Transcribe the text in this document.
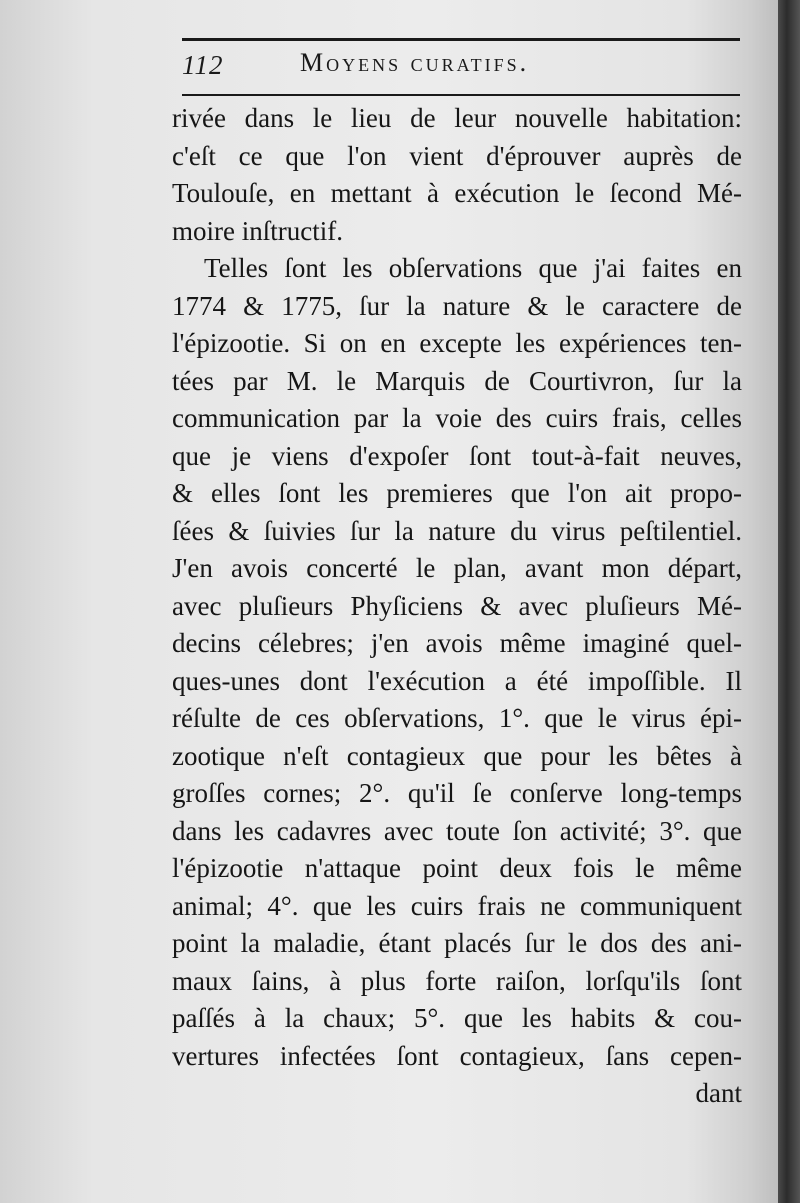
112	Moyens curatifs.
rivée dans le lieu de leur nouvelle habitation:
c'eſt ce que l'on vient d'éprouver auprès de
Toulouſe, en mettant à exécution le ſecond Mé-
moire inſtructif.
Telles ſont les obſervations que j'ai faites en
1774 & 1775, ſur la nature & le caractere de
l'épizootie. Si on en excepte les expériences ten-
tées par M. le Marquis de Courtivron, ſur la
communication par la voie des cuirs frais, celles
que je viens d'expoſer ſont tout-à-fait neuves,
& elles ſont les premieres que l'on ait propo-
ſées & ſuivies ſur la nature du virus peſtilentiel.
J'en avois concerté le plan, avant mon départ,
avec pluſieurs Phyſiciens & avec pluſieurs Mé-
decins célebres; j'en avois même imaginé quel-
ques-unes dont l'exécution a été impoſſible. Il
réſulte de ces obſervations, 1°. que le virus épi-
zootique n'eſt contagieux que pour les bêtes à
groſſes cornes; 2°. qu'il ſe conſerve long-temps
dans les cadavres avec toute ſon activité; 3°. que
l'épizootie n'attaque point deux fois le même
animal; 4°. que les cuirs frais ne communiquent
point la maladie, étant placés ſur le dos des ani-
maux ſains, à plus forte raiſon, lorſqu'ils ſont
paſſés à la chaux; 5°. que les habits & cou-
vertures infectées ſont contagieux, ſans cepen-
dant
